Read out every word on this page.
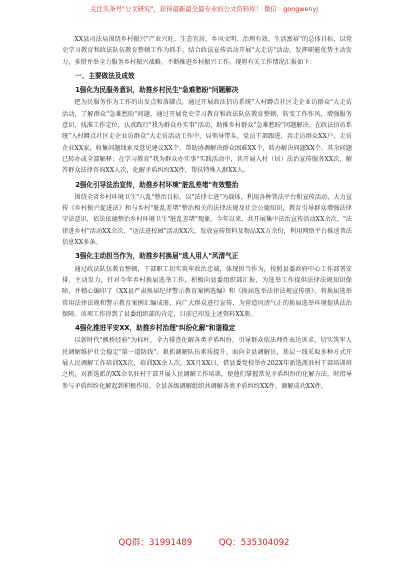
关注头条号"公文研究"，获得最新最全最专业的公文资料库！ 微信：gongwenyj

XX县司法局围绕乡村振兴"产业兴旺、生态宜居、乡风文明、治理有效、生活富裕"的总体目标，以党史学习教育和政法队伍教育整顿工作为抓手，结合政法宣传活动开展"大走访"活动，发挥职能优势主动发力，多措并举全力服务乡村振兴战略，不断推进乡村振兴工作。现将有关工作情况汇报如下：

一、主要做法及成效
1强化为民服务意识，助推乡村民生"急难愁盼"问题解决

把为民服务作为工作的出发点和落脚点，通过开展政法信访系统"入村蹲点社区走企业访群众"大走访活动，了解群众"急难愁盼"问题，通过开展党史学习教育和政法队伍教育整顿，转变工作作风，增强服务意识，找准工作定位，认真践行"我为群众办实事"活动，助推乡村群众"急难愁盼"问题解决。在政法信访系统"入村蹲点社区走企业访群众"大走访活动工作中，局领导带头、党员干部跟进，共走访群众XX户、走访企业XX家，收集问题线索及意见建议XX个，帮助协调解决群众困难XX个，转办解决问题XX个，其余问题已转办或全部解释；在学习教育"我为群众办实事"实践活动中，共开展入村（居）法治宣传服务XX次，解答群众法律咨询XX人次，化解矛盾纠纷XX件，帮扶特殊人群XX人。

2强化引导法治宣传，助推乡村环境"脏乱差堵"有效整治

围绕全省乡村环境卫生"八乱"整治目标，以"法律七进"为载体，利用各种普法平台和宣传活动，大力宣传《乡村振兴促进法》和与乡村"脏乱差堵"整治相关的法律法规及社会公德知识，教育引导群众增强法律守法意识，依法依德整治乡村环境卫生"脏乱差堵"现象。今年以来，共开展集中法治宣传活动XX余次、"法律进乡村"活动XX余次、"送法进校园"活动XX次，发放宣传资料及物品XX万余份，利用网络平台推送普法信息XX多条。

3强化主动担当作为，助推乡村换届"选人用人"风清气正

通过政法队伍教育整顿，干部职工切实筑牢政治忠诚，体现担当作为，按照县委政府中心工作部署安排，主动发力，针对今年乡村换届选举工作，积极向县委组织部汇报，为选举工作提供法律法规知识保障，并精心编印了《XX县严肃换届纪律警示教育案例选编》和《换届选举法律法规宣传册》，将换届选举常用法律法规和警示教育案例汇编成册，向广大群众进行宣传，为营造风清气正的换届选举环境提供法治保障。该项工作得到了县委组织部的肯定，目前已印发上述资料XX册。

4强化推进平安XX，助推乡村治理"纠纷化解"和谐稳定

以新时代"枫桥经验"为标杆，全力排查化解各类矛盾纠纷，引导群众依法理性表达诉求，切实筑牢人民调解维护社会稳定"第一道防线"。狠抓调解队伍素质提升，面向全县调解员，基层一线采取多种方式开展人民调解工作培训XX次，培训XX余人次。XX月XX日，借县委党校举办202X年新选派驻村干部培训班之机，对新选派的XX余名驻村干部开展人民调解工作培训，使他们掌握常见矛盾纠纷的化解方法，时指导参与矛盾纠纷化解起到积极作用。全县各级调解组织共调解各类矛盾纠纷XX件，调解成功XX件，

QQ群：31991489	QQ：535304092
